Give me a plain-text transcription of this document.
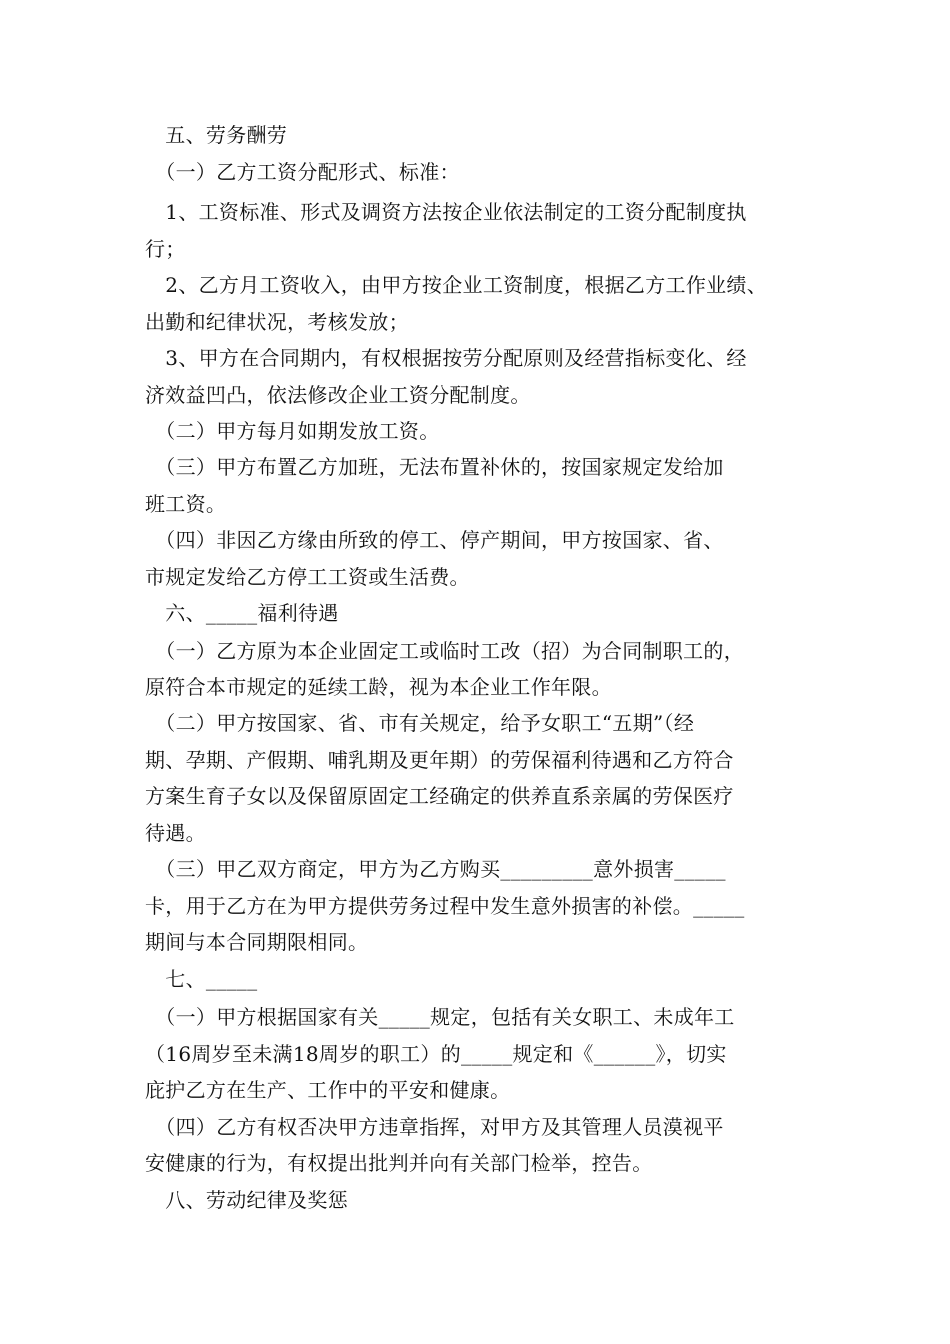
　五、劳务酬劳
　（一）乙方工资分配形式、标准：
　1、工资标准、形式及调资方法按企业依法制定的工资分配制度执
行；
　2、乙方月工资收入，由甲方按企业工资制度，根据乙方工作业绩、
出勤和纪律状况，考核发放；
　3、甲方在合同期内，有权根据按劳分配原则及经营指标变化、经
济效益凹凸，依法修改企业工资分配制度。
　（二）甲方每月如期发放工资。
　（三）甲方布置乙方加班，无法布置补休的，按国家规定发给加
班工资。
　（四）非因乙方缘由所致的停工、停产期间，甲方按国家、省、
市规定发给乙方停工工资或生活费。
　六、_____福利待遇
　（一）乙方原为本企业固定工或临时工改（招）为合同制职工的，
原符合本市规定的延续工龄，视为本企业工作年限。
　（二）甲方按国家、省、市有关规定，给予女职工“五期”（经
期、孕期、产假期、哺乳期及更年期）的劳保福利待遇和乙方符合
方案生育子女以及保留原固定工经确定的供养直系亲属的劳保医疗
待遇。
　（三）甲乙双方商定，甲方为乙方购买_________意外损害_____
卡，用于乙方在为甲方提供劳务过程中发生意外损害的补偿。_____
期间与本合同期限相同。
　七、_____
　（一）甲方根据国家有关_____规定，包括有关女职工、未成年工
（16周岁至未满18周岁的职工）的_____规定和《______》，切实
庇护乙方在生产、工作中的平安和健康。
　（四）乙方有权否决甲方违章指挥，对甲方及其管理人员漠视平
安健康的行为，有权提出批判并向有关部门检举，控告。
　八、劳动纪律及奖惩
